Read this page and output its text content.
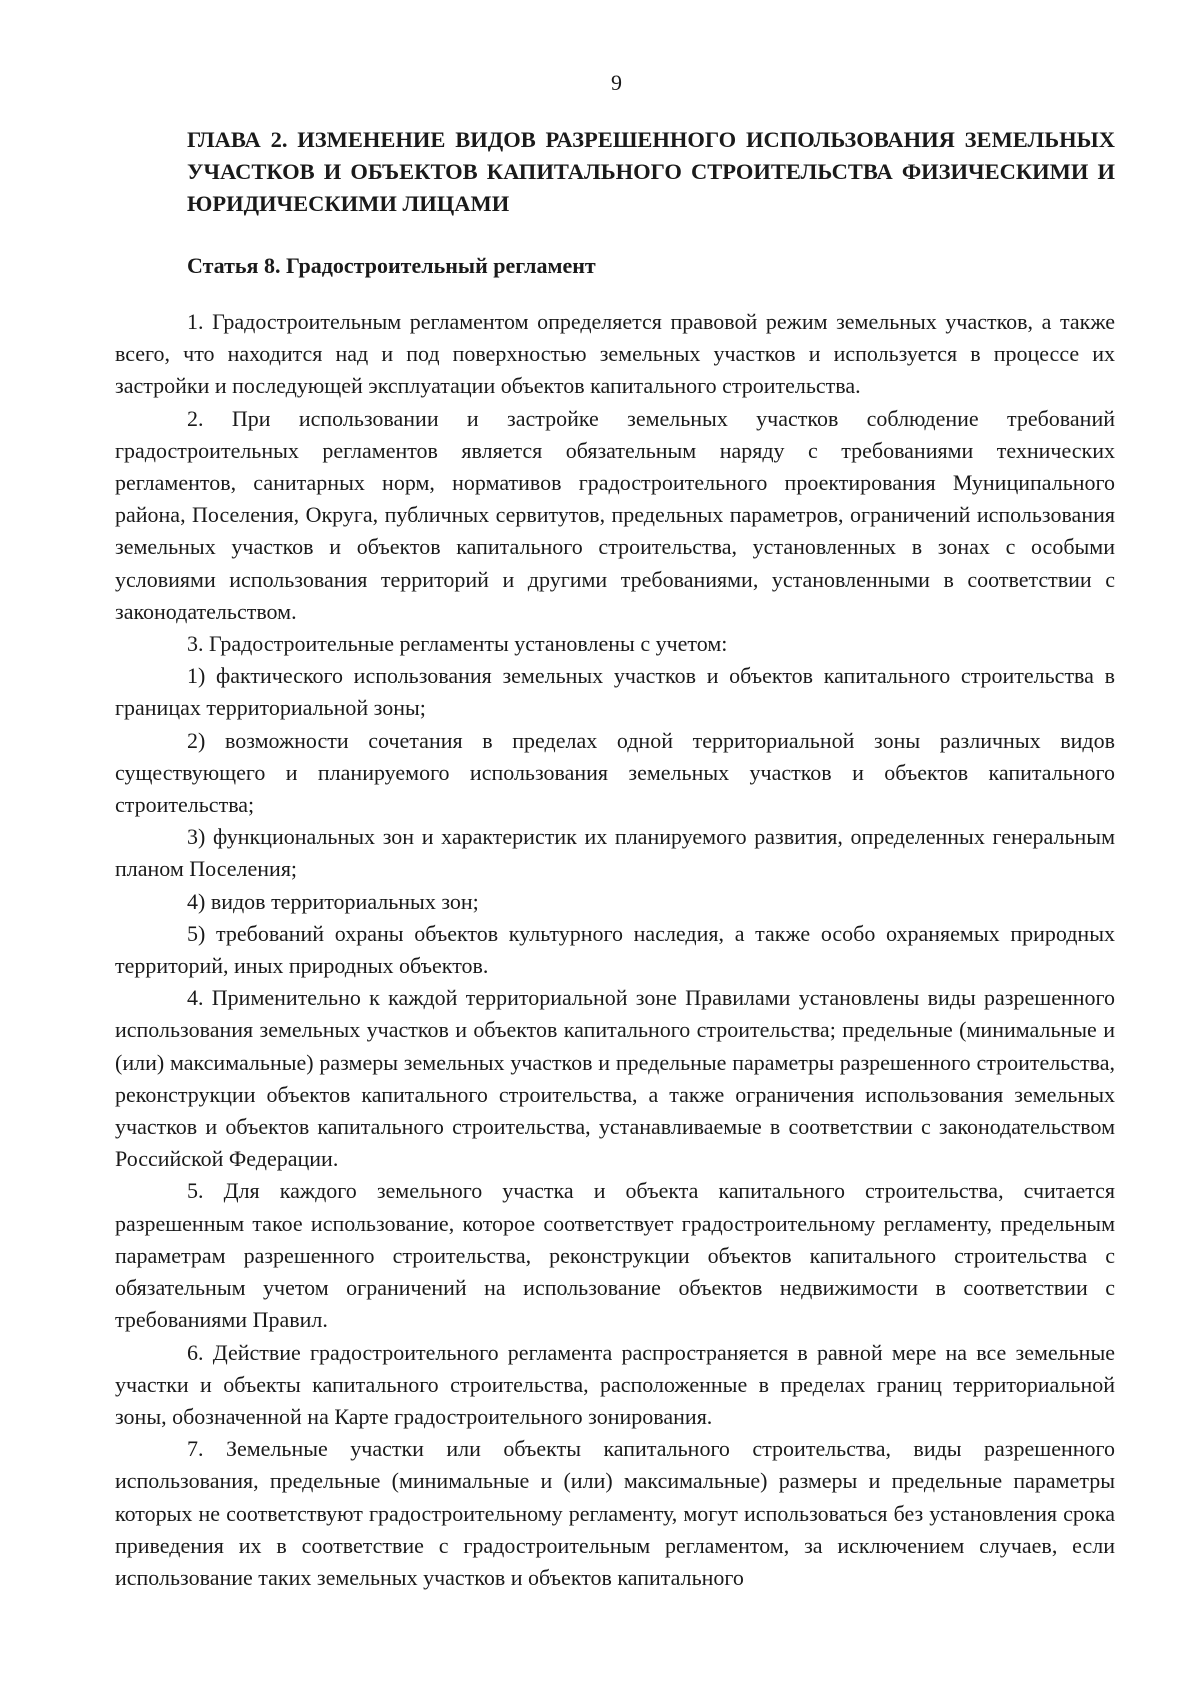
9
ГЛАВА 2. ИЗМЕНЕНИЕ ВИДОВ РАЗРЕШЕННОГО ИСПОЛЬЗОВАНИЯ ЗЕМЕЛЬНЫХ УЧАСТКОВ И ОБЪЕКТОВ КАПИТАЛЬНОГО СТРОИТЕЛЬСТВА ФИЗИЧЕСКИМИ И ЮРИДИЧЕСКИМИ ЛИЦАМИ
Статья 8. Градостроительный регламент

1. Градостроительным регламентом определяется правовой режим земельных участков, а также всего, что находится над и под поверхностью земельных участков и используется в процессе их застройки и последующей эксплуатации объектов капитального строительства.

2. При использовании и застройке земельных участков соблюдение требований градостроительных регламентов является обязательным наряду с требованиями технических регламентов, санитарных норм, нормативов градостроительного проектирования Муниципального района, Поселения, Округа, публичных сервитутов, предельных параметров, ограничений использования земельных участков и объектов капитального строительства, установленных в зонах с особыми условиями использования территорий и другими требованиями, установленными в соответствии с законодательством.

3. Градостроительные регламенты установлены с учетом:

1) фактического использования земельных участков и объектов капитального строительства в границах территориальной зоны;

2) возможности сочетания в пределах одной территориальной зоны различных видов существующего и планируемого использования земельных участков и объектов капитального строительства;

3) функциональных зон и характеристик их планируемого развития, определенных генеральным планом Поселения;

4) видов территориальных зон;

5) требований охраны объектов культурного наследия, а также особо охраняемых природных территорий, иных природных объектов.

4. Применительно к каждой территориальной зоне Правилами установлены виды разрешенного использования земельных участков и объектов капитального строительства; предельные (минимальные и (или) максимальные) размеры земельных участков и предельные параметры разрешенного строительства, реконструкции объектов капитального строительства, а также ограничения использования земельных участков и объектов капитального строительства, устанавливаемые в соответствии с законодательством Российской Федерации.

5. Для каждого земельного участка и объекта капитального строительства, считается разрешенным такое использование, которое соответствует градостроительному регламенту, предельным параметрам разрешенного строительства, реконструкции объектов капитального строительства с обязательным учетом ограничений на использование объектов недвижимости в соответствии с требованиями Правил.

6. Действие градостроительного регламента распространяется в равной мере на все земельные участки и объекты капитального строительства, расположенные в пределах границ территориальной зоны, обозначенной на Карте градостроительного зонирования.

7. Земельные участки или объекты капитального строительства, виды разрешенного использования, предельные (минимальные и (или) максимальные) размеры и предельные параметры которых не соответствуют градостроительному регламенту, могут использоваться без установления срока приведения их в соответствие с градостроительным регламентом, за исключением случаев, если использование таких земельных участков и объектов капитального
